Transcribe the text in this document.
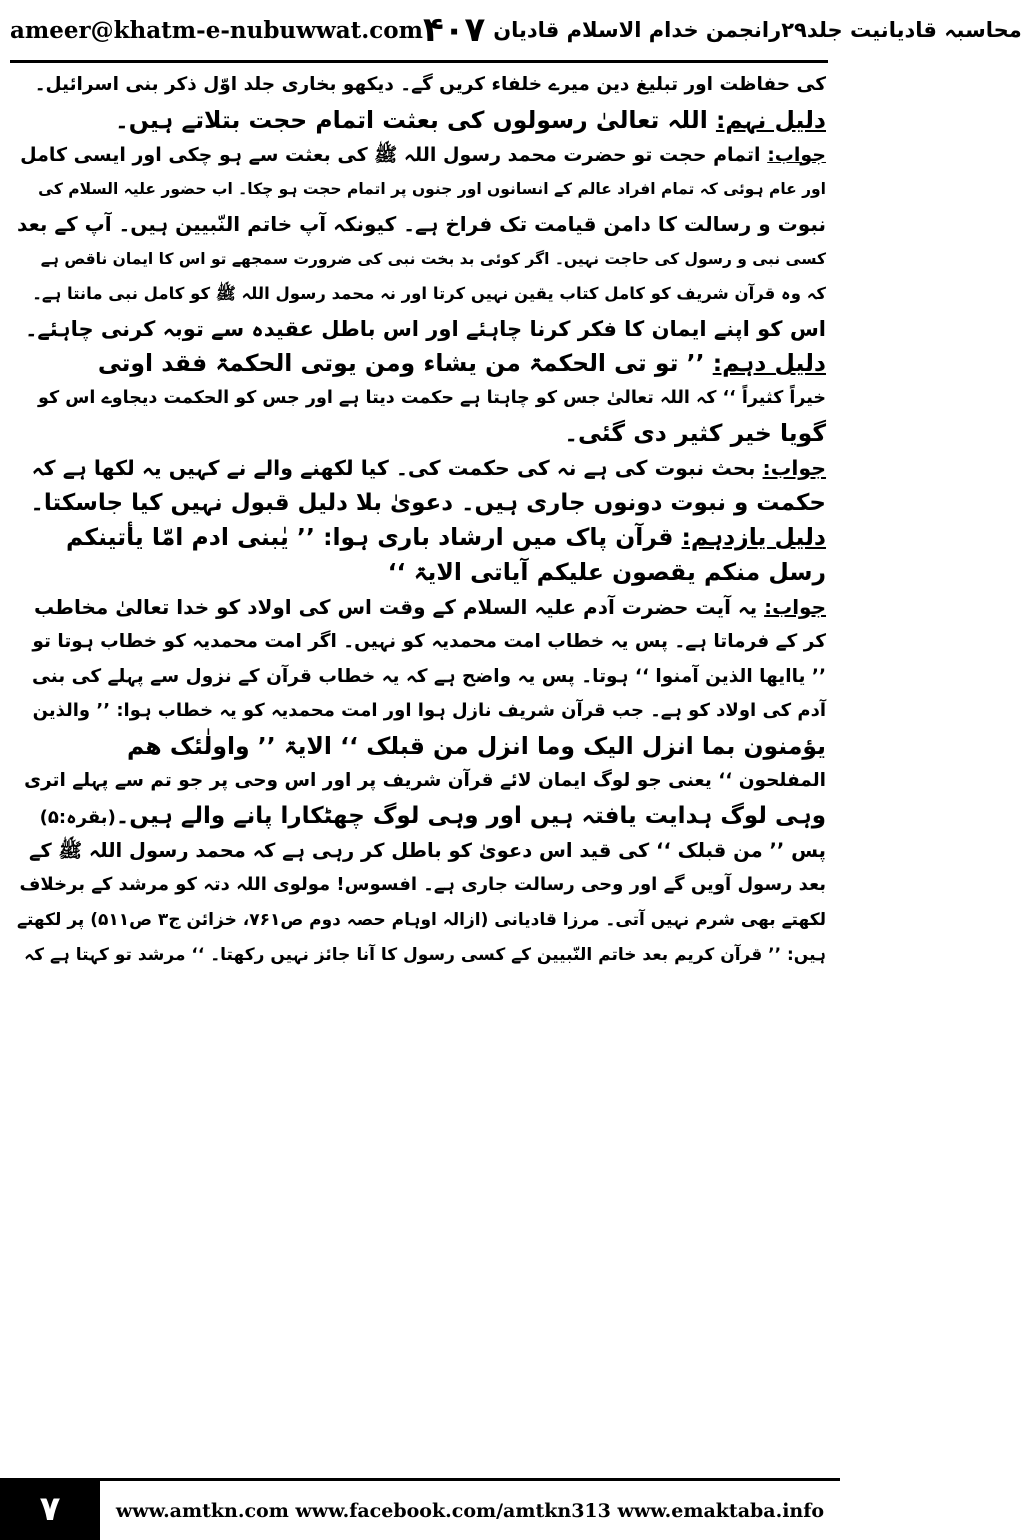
ameer@khatm-e-nubuwwat.com	محاسبہ قادیانیت جلد۲۹رانجمن خدام الاسلام قادیان
۴۰۷
کی حفاظت اور تبلیغ دین میرے خلفاء کریں گے۔ دیکھو بخاری جلد اوّل ذکر بنی اسرائیل۔
دلیل نہم: اللہ تعالیٰ رسولوں کی بعثت اتمام حجت بتلاتے ہیں۔
جواب: اتمام حجت تو حضرت محمد رسول اللہ ﷺ کی بعثت سے ہو چکی اور ایسی کامل
اور عام ہوئی کہ تمام افراد عالم کے انسانوں اور جنوں پر اتمام حجت ہو چکا۔ اب حضور علیہ السلام کی
نبوت و رسالت کا دامن قیامت تک فراخ ہے۔ کیونکہ آپ خاتم النّبیین ہیں۔ آپ کے بعد
کسی نبی و رسول کی حاجت نہیں۔ اگر کوئی بد بخت نبی کی ضرورت سمجھے تو اس کا ایمان ناقص ہے
کہ وہ قرآن شریف کو کامل کتاب یقین نہیں کرتا اور نہ محمد رسول اللہ ﷺ کو کامل نبی مانتا ہے۔
اس کو اپنے ایمان کا فکر کرنا چاہئے اور اس باطل عقیدہ سے توبہ کرنی چاہئے۔
دلیل دہم: ’’ تو تی الحکمۃ من یشاء ومن یوتی الحکمۃ فقد اوتی
خیراً کثیراً ‘‘ کہ اللہ تعالیٰ جس کو چاہتا ہے حکمت دیتا ہے اور جس کو الحکمت دیجاوے اس کو
گویا خیر کثیر دی گئی۔
جواب: بحث نبوت کی ہے نہ کی حکمت کی۔ کیا لکھنے والے نے کہیں یہ لکھا ہے کہ
حکمت و نبوت دونوں جاری ہیں۔ دعویٰ بلا دلیل قبول نہیں کیا جاسکتا۔
دلیل یازدہم: قرآن پاک میں ارشاد باری ہوا: ’’ یٰبنی ادم امّا یأتینکم
رسل منکم یقصون علیکم آیاتی الایۃ ‘‘
جواب: یہ آیت حضرت آدم علیہ السلام کے وقت اس کی اولاد کو خدا تعالیٰ مخاطب
کر کے فرماتا ہے۔ پس یہ خطاب امت محمدیہ کو نہیں۔ اگر امت محمدیہ کو خطاب ہوتا تو
’’ یاایھا الذین آمنوا ‘‘ ہوتا۔ پس یہ واضح ہے کہ یہ خطاب قرآن کے نزول سے پہلے کی بنی
آدم کی اولاد کو ہے۔ جب قرآن شریف نازل ہوا اور امت محمدیہ کو یہ خطاب ہوا: ’’ والذین
یؤمنون بما انزل الیک وما انزل من قبلک ‘‘ الایۃ ’’ واولٰئک ھم
المفلحون ‘‘ یعنی جو لوگ ایمان لائے قرآن شریف پر اور اس وحی پر جو تم سے پہلے اتری
وہی لوگ ہدایت یافتہ ہیں اور وہی لوگ چھٹکارا پانے والے ہیں۔(بقرہ:۵)
پس ’’ من قبلک ‘‘ کی قید اس دعویٰ کو باطل کر رہی ہے کہ محمد رسول اللہ ﷺ کے
بعد رسول آویں گے اور وحی رسالت جاری ہے۔ افسوس! مولوی اللہ دتہ کو مرشد کے برخلاف
لکھتے بھی شرم نہیں آتی۔ مرزا قادیانی (ازالہ اوہام حصہ دوم ص۷۶۱، خزائن ج۳ ص۵۱۱) پر لکھتے
ہیں: ’’ قرآن کریم بعد خاتم النّبیین کے کسی رسول کا آنا جائز نہیں رکھتا۔ ‘‘ مرشد تو کہتا ہے کہ
۷	www.amtkn.com www.facebook.com/amtkn313 www.emaktaba.info
